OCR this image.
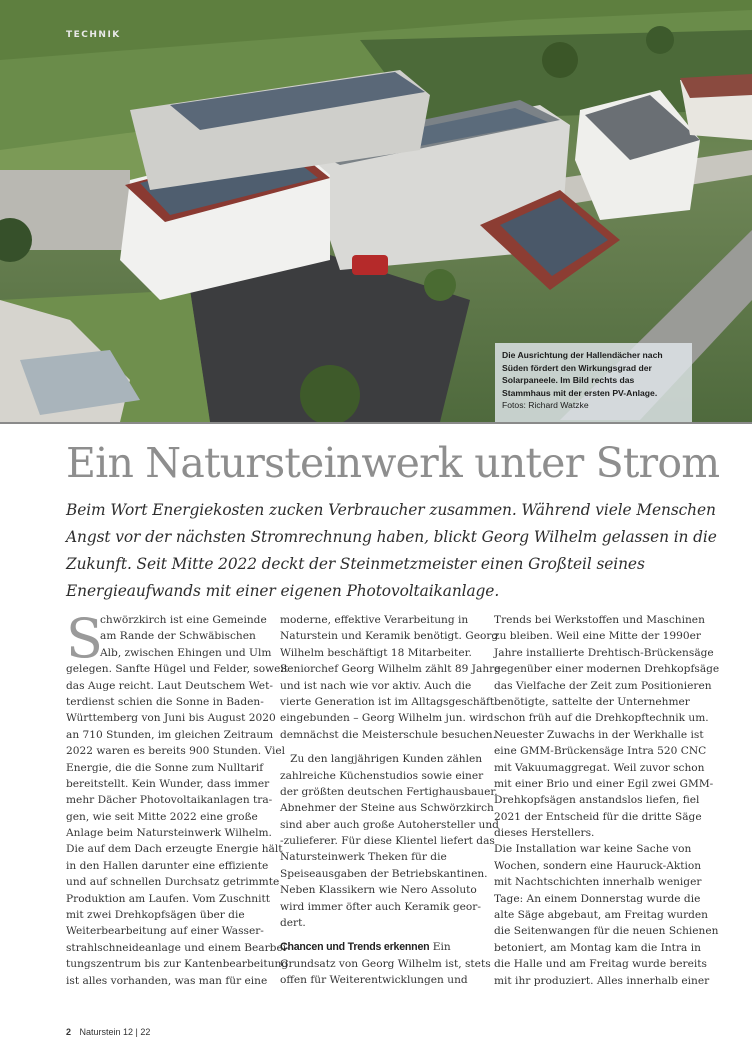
TECHNIK
Die Ausrichtung der Hallendächer nach
Süden fördert den Wirkungsgrad der
Solarpaneele. Im Bild rechts das
Stammhaus mit der ersten PV-Anlage.
Fotos: Richard Watzke
Ein Natursteinwerk unter Strom
Beim Wort Energiekosten zucken Verbraucher zusammen. Während viele Menschen
Angst vor der nächsten Stromrechnung haben, blickt Georg Wilhelm gelassen in die
Zukunft. Seit Mitte 2022 deckt der Steinmetzmeister einen Großteil seines
Energieaufwands mit einer eigenen Photovoltaikanlage.
S
chwörzkirch ist eine Gemeinde
am Rande der Schwäbischen
Alb, zwischen Ehingen und Ulm
gelegen. Sanfte Hügel und Felder, soweit
das Auge reicht. Laut Deutschem Wet-
terdienst schien die Sonne in Baden-
Württemberg von Juni bis August 2020
an 710 Stunden, im gleichen Zeitraum
2022 waren es bereits 900 Stunden. Viel
Energie, die die Sonne zum Nulltarif
bereitstellt. Kein Wunder, dass immer
mehr Dächer Photovoltaikanlagen tra-
gen, wie seit Mitte 2022 eine große
Anlage beim Natursteinwerk Wilhelm.
Die auf dem Dach erzeugte Energie hält
in den Hallen darunter eine effiziente
und auf schnellen Durchsatz getrimmte
Produktion am Laufen. Vom Zuschnitt
mit zwei Drehkopfsägen über die
Weiterbearbeitung auf einer Wasser-
strahlschneideanlage und einem Bearbei-
tungszentrum bis zur Kantenbearbeitung
ist alles vorhanden, was man für eine
moderne, effektive Verarbeitung in
Naturstein und Keramik benötigt. Georg
Wilhelm beschäftigt 18 Mitarbeiter.
Seniorchef Georg Wilhelm zählt 89 Jahre
und ist nach wie vor aktiv. Auch die
vierte Generation ist im Alltagsgeschäft
eingebunden – Georg Wilhelm jun. wird
demnächst die Meisterschule besuchen.
Zu den langjährigen Kunden zählen
zahlreiche Küchenstudios sowie einer
der größten deutschen Fertighausbauer.
Abnehmer der Steine aus Schwörzkirch
sind aber auch große Autohersteller und
-zulieferer. Für diese Klientel liefert das
Natursteinwerk Theken für die
Speiseausgaben der Betriebskantinen.
Neben Klassikern wie Nero Assoluto
wird immer öfter auch Keramik geor-
dert.
Chancen und Trends erkennen Ein
Grundsatz von Georg Wilhelm ist, stets
offen für Weiterentwicklungen und
Trends bei Werkstoffen und Maschinen
zu bleiben. Weil eine Mitte der 1990er
Jahre installierte Drehtisch-Brückensäge
gegenüber einer modernen Drehkopfsäge
das Vielfache der Zeit zum Positionieren
benötigte, sattelte der Unternehmer
schon früh auf die Drehkopftechnik um.
Neuester Zuwachs in der Werkhalle ist
eine GMM-Brückensäge Intra 520 CNC
mit Vakuumaggregat. Weil zuvor schon
mit einer Brio und einer Egil zwei GMM-
Drehkopfsägen anstandslos liefen, fiel
2021 der Entscheid für die dritte Säge
dieses Herstellers.
Die Installation war keine Sache von
Wochen, sondern eine Hauruck-Aktion
mit Nachtschichten innerhalb weniger
Tage: An einem Donnerstag wurde die
alte Säge abgebaut, am Freitag wurden
die Seitenwangen für die neuen Schienen
betoniert, am Montag kam die Intra in
die Halle und am Freitag wurde bereits
mit ihr produziert. Alles innerhalb einer
2 Naturstein 12 | 22
